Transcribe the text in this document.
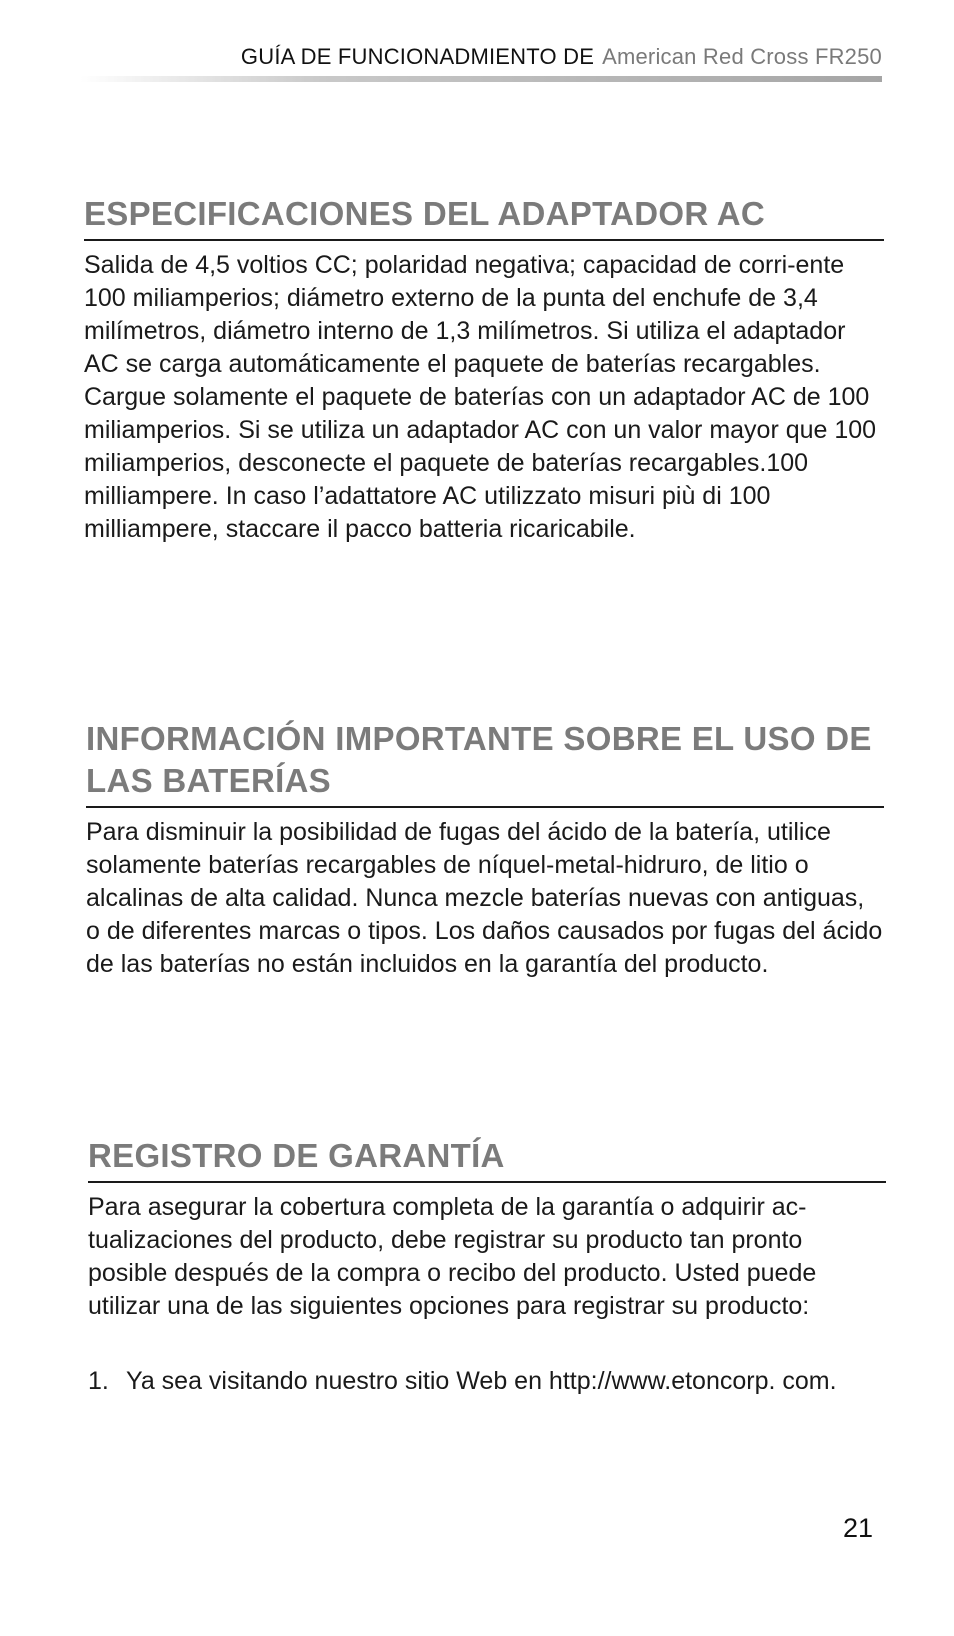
GUÍA DE FUNCIONADMIENTO DE American Red Cross FR250
ESPECIFICACIONES DEL ADAPTADOR AC

Salida de 4,5 voltios CC; polaridad negativa; capacidad de corri-ente 100 miliamperios; diámetro externo de la punta del enchufe de 3,4 milímetros, diámetro interno de 1,3 milímetros. Si utiliza el adaptador AC se carga automáticamente el paquete de baterías recargables. Cargue solamente el paquete de baterías con un adaptador AC de 100 miliamperios. Si se utiliza un adaptador AC con un valor mayor que 100 miliamperios, desconecte el paquete de baterías recargables.100 milliampere. In caso l’adattatore AC utilizzato misuri più di 100 milliampere, staccare il pacco batteria ricaricabile.

INFORMACIÓN IMPORTANTE SOBRE EL USO DE LAS BATERÍAS

Para disminuir la posibilidad de fugas del ácido de la batería, utilice solamente baterías recargables de níquel-metal-hidruro, de litio o alcalinas de alta calidad. Nunca mezcle baterías nuevas con antiguas, o de diferentes marcas o tipos. Los daños causados por fugas del ácido de las baterías no están incluidos en la garantía del producto.

REGISTRO DE GARANTÍA

Para asegurar la cobertura completa de la garantía o adquirir ac-tualizaciones del producto, debe registrar su producto tan pronto posible después de la compra o recibo del producto. Usted puede utilizar una de las siguientes opciones para registrar su producto:

1. Ya sea visitando nuestro sitio Web en http://www.etoncorp. com.
21
